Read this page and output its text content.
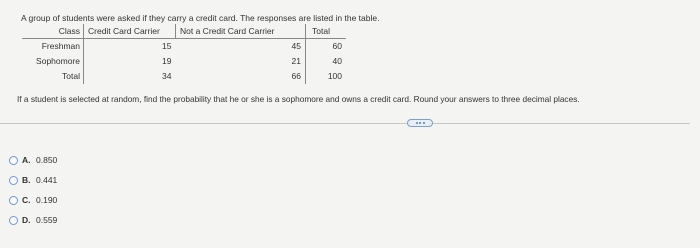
A group of students were asked if they carry a credit card. The responses are listed in the table.
Class	Credit Card Carrier	Not a Credit Card Carrier	Total
Freshman	15	45	60
Sophomore	19	21	40
Total	34	66	100
If a student is selected at random, find the probability that he or she is a sophomore and owns a credit card. Round your answers to three decimal places.
A. 0.850
B. 0.441
C. 0.190
D. 0.559
